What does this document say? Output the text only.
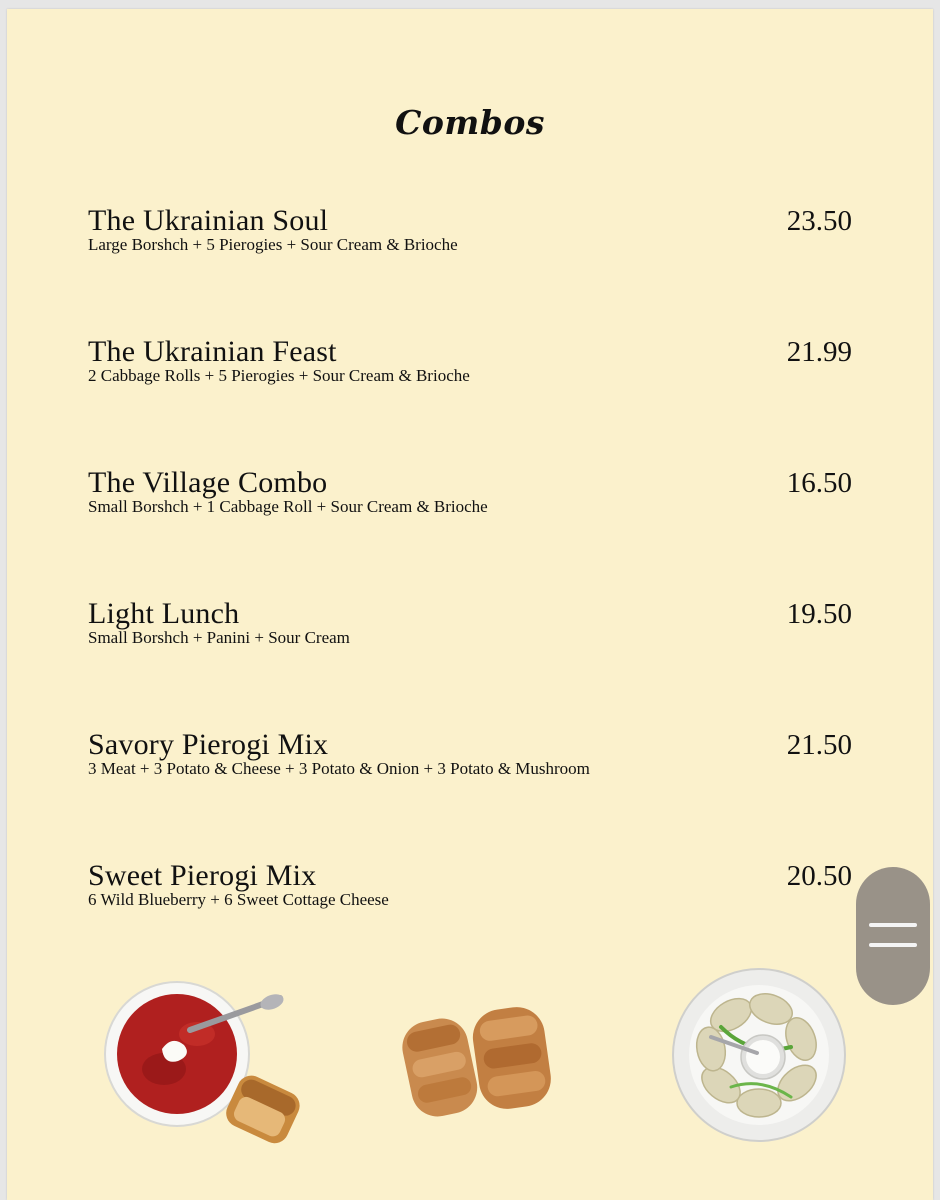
Combos
The Ukrainian Soul
Large Borshch + 5 Pierogies + Sour Cream & Brioche
23.50
The Ukrainian Feast
2 Cabbage Rolls + 5 Pierogies + Sour Cream & Brioche
21.99
The Village Combo
Small Borshch + 1 Cabbage Roll + Sour Cream & Brioche
16.50
Light Lunch
Small Borshch + Panini + Sour Cream
19.50
Savory Pierogi Mix
3 Meat + 3 Potato & Cheese + 3 Potato & Onion + 3 Potato & Mushroom
21.50
Sweet Pierogi Mix
6 Wild Blueberry + 6 Sweet Cottage Cheese
20.50
